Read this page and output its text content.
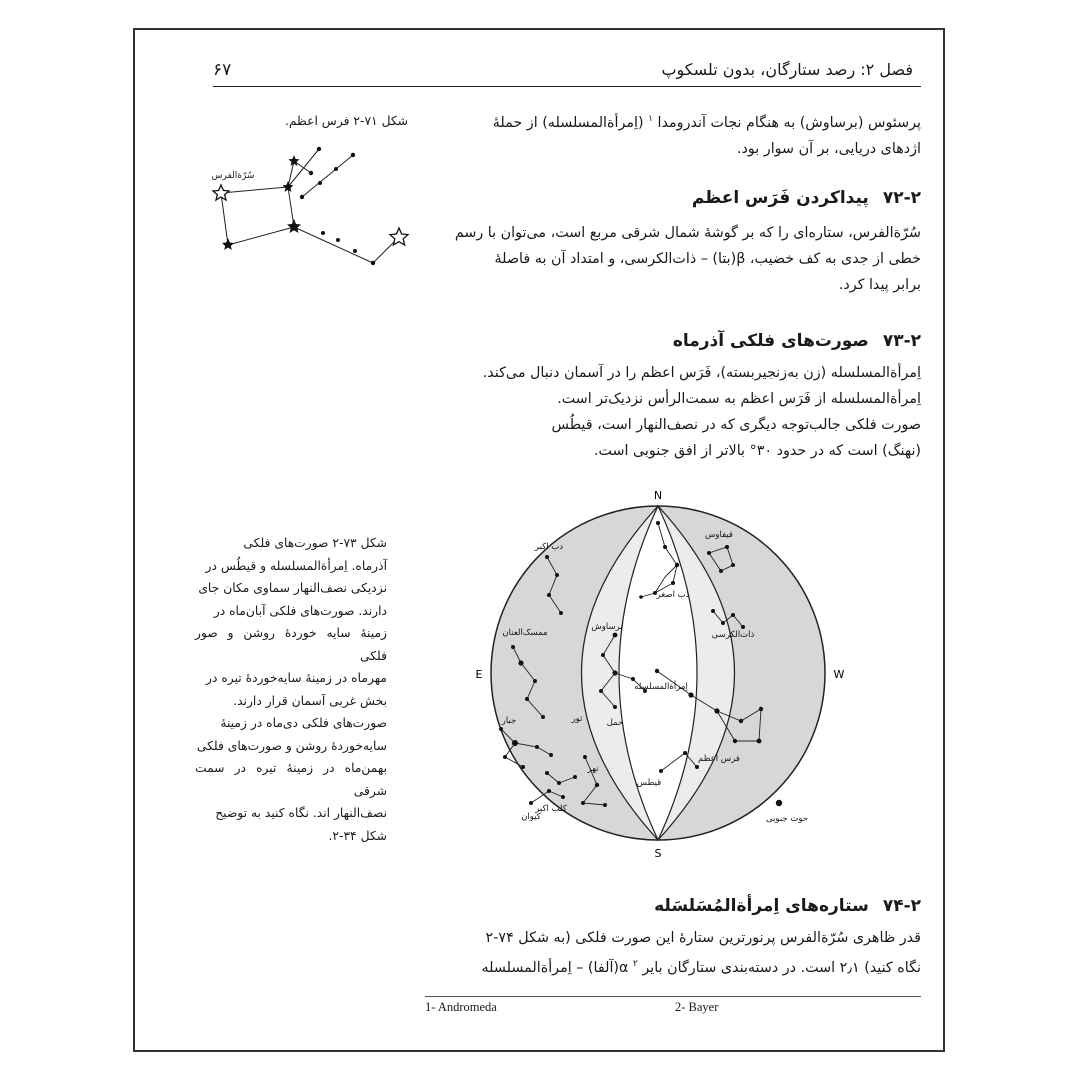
فصل ۲: رصد ستارگان، بدون تلسکوپ
۶۷
پرسئوس (برساوش) به هنگام نجات آندرومدا $^۱$ (اِمرأةالمسلسله) از حملهٔ
اژدهای دریایی، بر آن سوار بود.
شکل ۷۱-۲ فرس اعظم.
سُرّةالفرس
۷۲-۲پیداکردن فَرَس اعظم
سُرّةالفرس، ستاره‌ای را که بر گوشهٔ شمال شرقی مربع است، می‌توان با رسم
خطی از جدی به کف خضیب، β(بتا) – ذات‌الکرسی، و امتداد آن به فاصلهٔ
برابر پیدا کرد.
۷۳-۲صورت‌های فلکی آذرماه
اِمرأةالمسلسله (زن به‌زنجیربسته)، فَرَس اعظم را در آسمان دنبال می‌کند.
اِمرأةالمسلسله از فَرَس اعظم به سمت‌الرأس نزدیک‌تر است.
صورت فلکی جالب‌توجه دیگری که در نصف‌النهار است، قیطُس
(نهنگ) است که در حدود ۳۰° بالاتر از افق جنوبی است.
شکل ۷۳-۲ صورت‌های فلکی
آذرماه. اِمرأةالمسلسله و قیطُس در
نزدیکی نصف‌النهار سماوی مکان جای
دارند. صورت‌های فلکی آبان‌ماه در
زمینهٔ سایه خوردهٔ روشن و صور فلکی
مهرماه در زمینهٔ سایه‌خوردهٔ تیره در
بخش غربی آسمان قرار دارند.
صورت‌های فلکی دی‌ماه در زمینهٔ
سایه‌خوردهٔ روشن و صورت‌های فلکی
بهمن‌ماه در زمینهٔ تیره در سمت شرقی
نصف‌النهار اند. نگاه کنید به توضیح
شکل ۳۴-۲.
N
S
E	W
دب اصغر
دب اکبر
قیفاوس
ذات‌الکرسی
برساوش
اِمرأةالمسلسله
ممسک‌العنان
جبار	ثور	حمل
نهر
کلب اکبر
کیوان
قیطس
فرس اعظم
حوت جنوبی
۷۴-۲ستاره‌های اِمرأةالمُسَلسَله
قدر ظاهری سُرّةالفرس پرنورترین ستارهٔ این صورت فلکی (به شکل ۷۴-۲
نگاه کنید) ۲٫۱ است. در دسته‌بندی ستارگان بایر $^۲$ α(آلفا) – اِمرأةالمسلسله
1- Andromeda	2- Bayer
